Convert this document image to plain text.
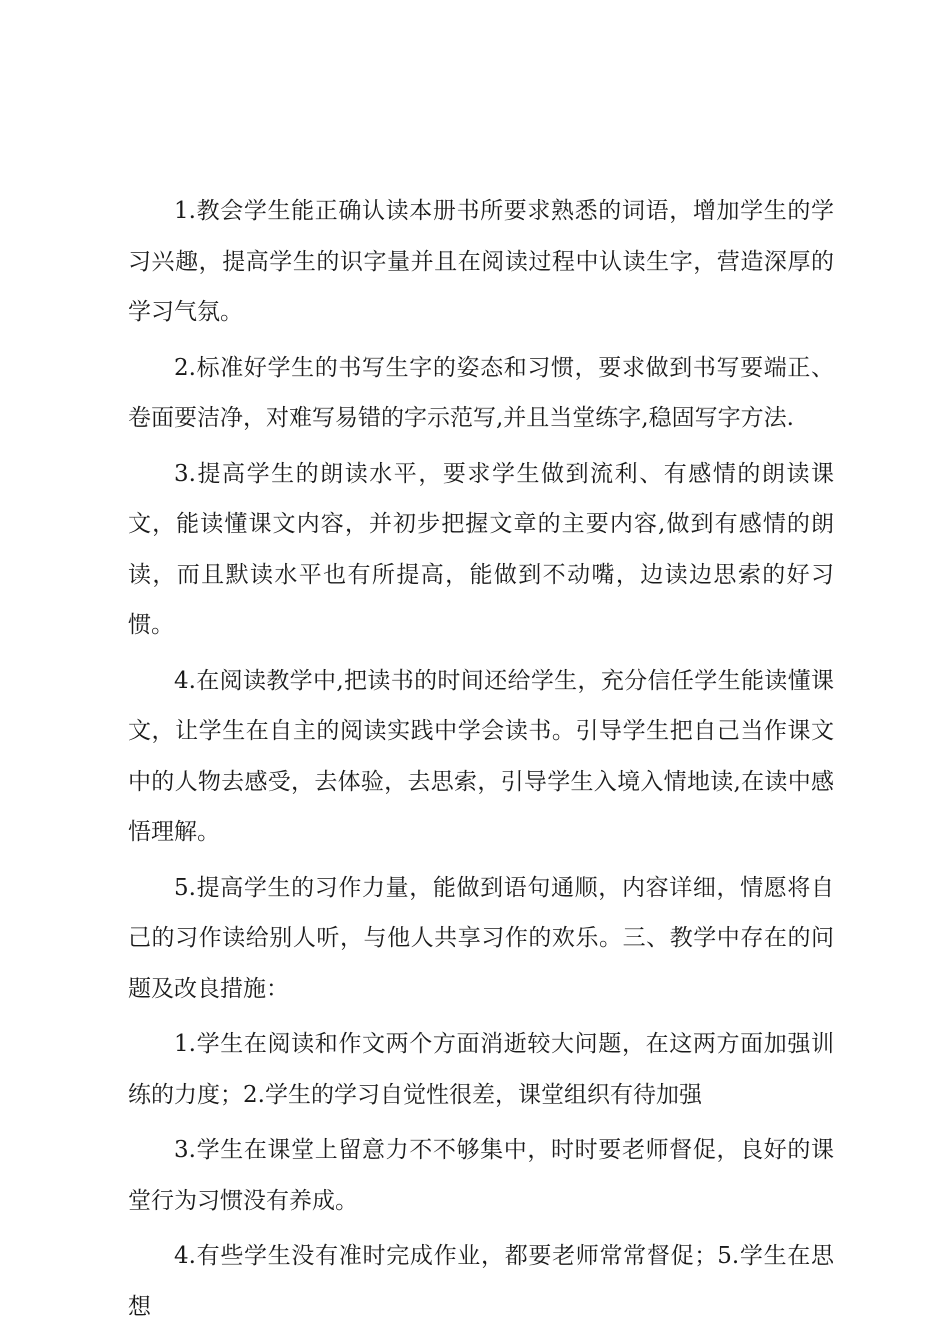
1.教会学生能正确认读本册书所要求熟悉的词语，增加学生的学习兴趣，提高学生的识字量并且在阅读过程中认读生字，营造深厚的学习气氛。

2.标准好学生的书写生字的姿态和习惯，要求做到书写要端正、卷面要洁净，对难写易错的字示范写,并且当堂练字,稳固写字方法.

3.提高学生的朗读水平，要求学生做到流利、有感情的朗读课文，能读懂课文内容，并初步把握文章的主要内容,做到有感情的朗读，而且默读水平也有所提高，能做到不动嘴，边读边思索的好习惯。

4.在阅读教学中,把读书的时间还给学生，充分信任学生能读懂课文，让学生在自主的阅读实践中学会读书。引导学生把自己当作课文中的人物去感受，去体验，去思索，引导学生入境入情地读,在读中感悟理解。

5.提高学生的习作力量，能做到语句通顺，内容详细，情愿将自己的习作读给别人听，与他人共享习作的欢乐。三、教学中存在的问题及改良措施：

1.学生在阅读和作文两个方面消逝较大问题，在这两方面加强训练的力度；2.学生的学习自觉性很差，课堂组织有待加强

3.学生在课堂上留意力不不够集中，时时要老师督促，良好的课堂行为习惯没有养成。

4.有些学生没有准时完成作业，都要老师常常督促；5.学生在思想
